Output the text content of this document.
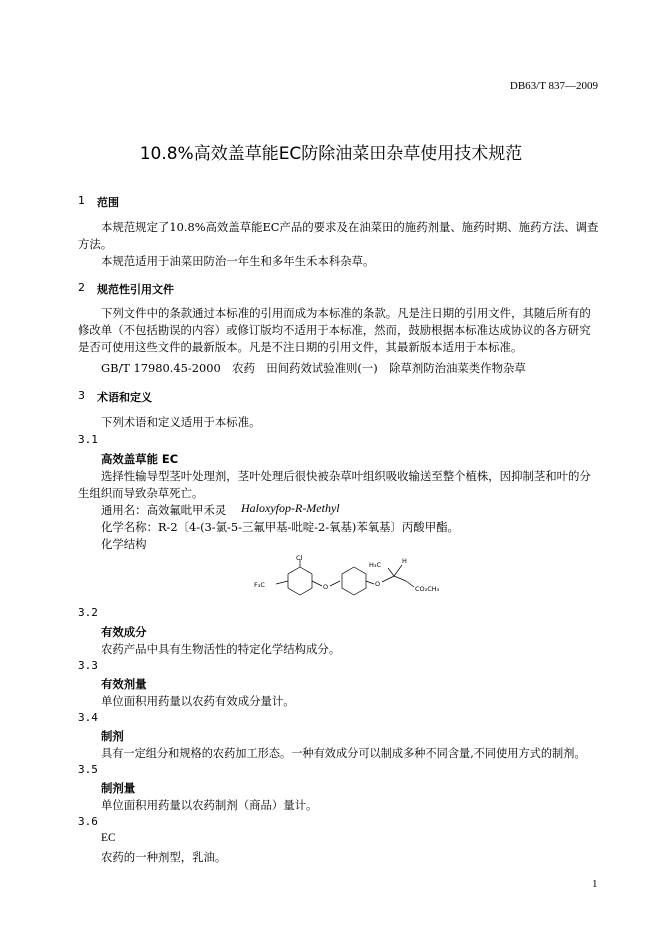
DB63/T 837—2009
10.8%高效盖草能EC防除油菜田杂草使用技术规范
1 范围
本规范规定了10.8%高效盖草能EC产品的要求及在油菜田的施药剂量、施药时期、施药方法、调查
方法。
本规范适用于油菜田防治一年生和多年生禾本科杂草。
2 规范性引用文件
下列文件中的条款通过本标准的引用而成为本标准的条款。凡是注日期的引用文件，其随后所有的
修改单（不包括勘误的内容）或修订版均不适用于本标准，然而，鼓励根据本标准达成协议的各方研究
是否可使用这些文件的最新版本。凡是不注日期的引用文件，其最新版本适用于本标准。
GB/T 17980.45-2000　农药　田间药效试验准则(一)　除草剂防治油菜类作物杂草
3 术语和定义
下列术语和定义适用于本标准。
3.1
高效盖草能 EC
选择性输导型茎叶处理剂，茎叶处理后很快被杂草叶组织吸收输送至整个植株，因抑制茎和叶的分
生组织而导致杂草死亡。
通用名：高效氟吡甲禾灵 Haloxyfop-R-Methyl
化学名称：R-2〔4-(3-氯-5-三氟甲基-吡啶-2-氧基)苯氧基〕丙酸甲酯。
化学结构
Cl
F₃C	O	O
H₃C	H
CO₂CH₃
3.2
有效成分
农药产品中具有生物活性的特定化学结构成分。
3.3
有效剂量
单位面积用药量以农药有效成分量计。
3.4
制剂
具有一定组分和规格的农药加工形态。一种有效成分可以制成多种不同含量,不同使用方式的制剂。
3.5
制剂量
单位面积用药量以农药制剂（商品）量计。
3.6
EC
农药的一种剂型，乳油。
1
